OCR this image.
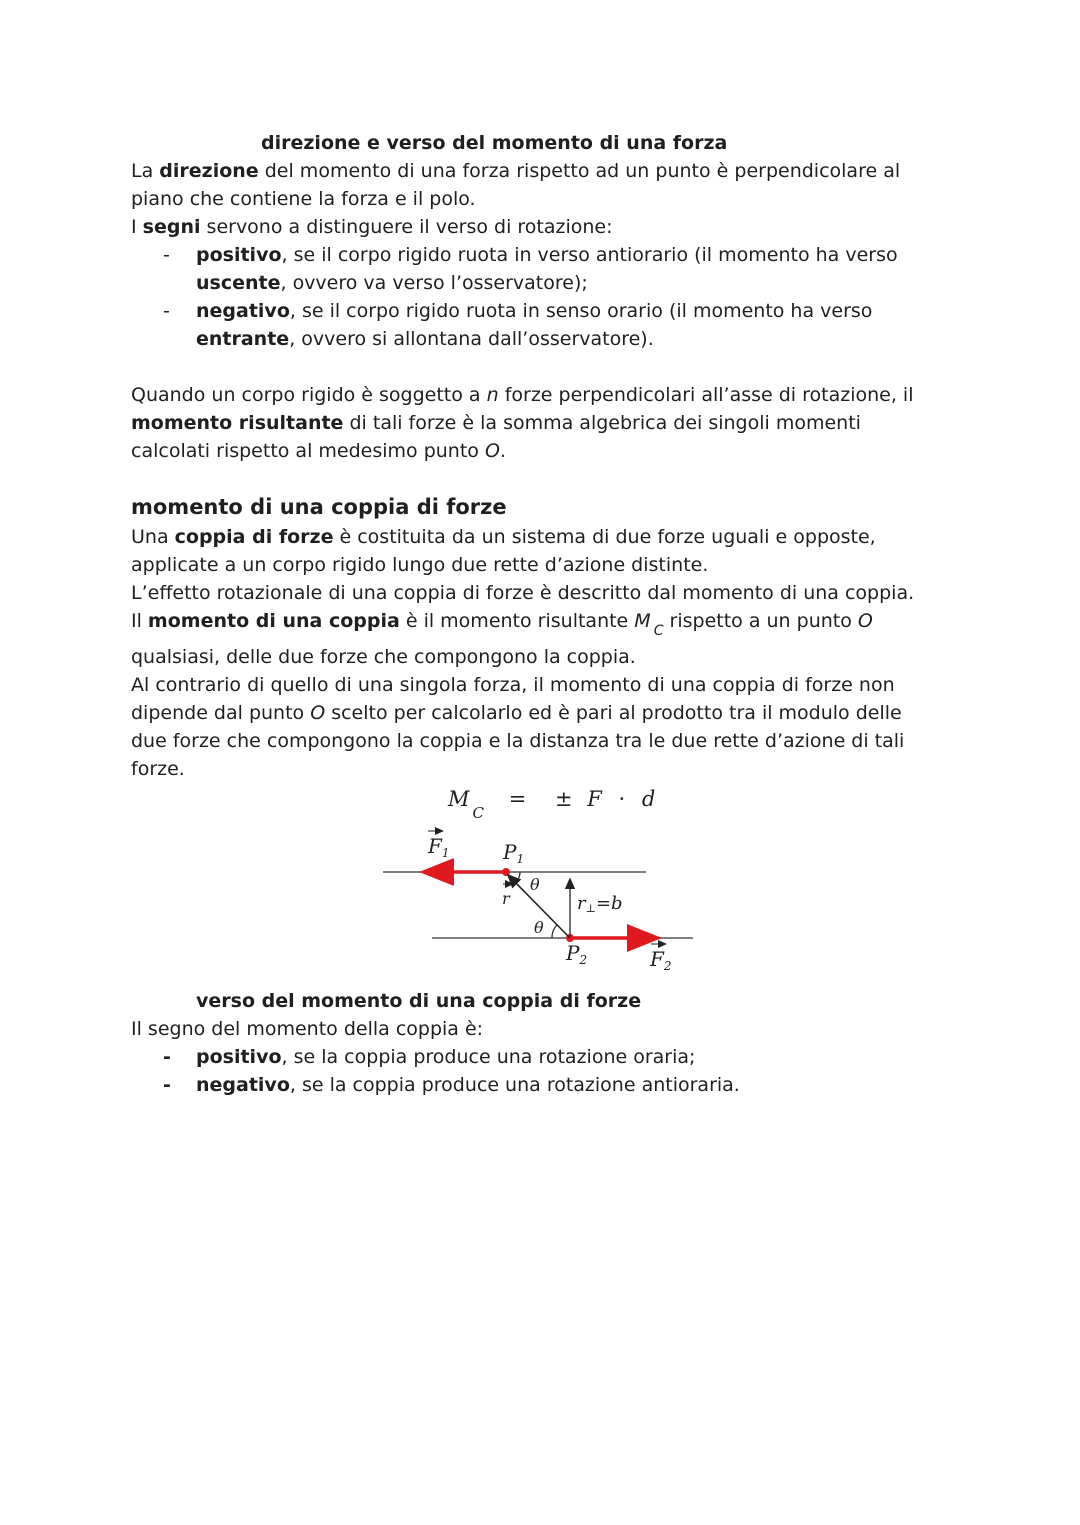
direzione e verso del momento di una forza
La direzione del momento di una forza rispetto ad un punto è perpendicolare al
piano che contiene la forza e il polo.
I segni servono a distinguere il verso di rotazione:
- positivo, se il corpo rigido ruota in verso antiorario (il momento ha verso
uscente, ovvero va verso l’osservatore);
- negativo, se il corpo rigido ruota in senso orario (il momento ha verso
entrante, ovvero si allontana dall’osservatore).
Quando un corpo rigido è soggetto a n forze perpendicolari all’asse di rotazione, il
momento risultante di tali forze è la somma algebrica dei singoli momenti
calcolati rispetto al medesimo punto O.
momento di una coppia di forze
Una coppia di forze è costituita da un sistema di due forze uguali e opposte,
applicate a un corpo rigido lungo due rette d’azione distinte.
L’effetto rotazionale di una coppia di forze è descritto dal momento di una coppia.
Il momento di una coppia è il momento risultante M $_C$ rispetto a un punto O
qualsiasi, delle due forze che compongono la coppia.
Al contrario di quello di una singola forza, il momento di una coppia di forze non
dipende dal punto O scelto per calcolarlo ed è pari al prodotto tra il modulo delle
due forze che compongono la coppia e la distanza tra le due rette d’azione di tali
forze.
$M_C$ = ± F · d
$F_1$	$P_1$
θ
r	r⊥=b
θ
$P_2$	$F_2$
verso del momento di una coppia di forze
Il segno del momento della coppia è:
- positivo, se la coppia produce una rotazione oraria;
- negativo, se la coppia produce una rotazione antioraria.
